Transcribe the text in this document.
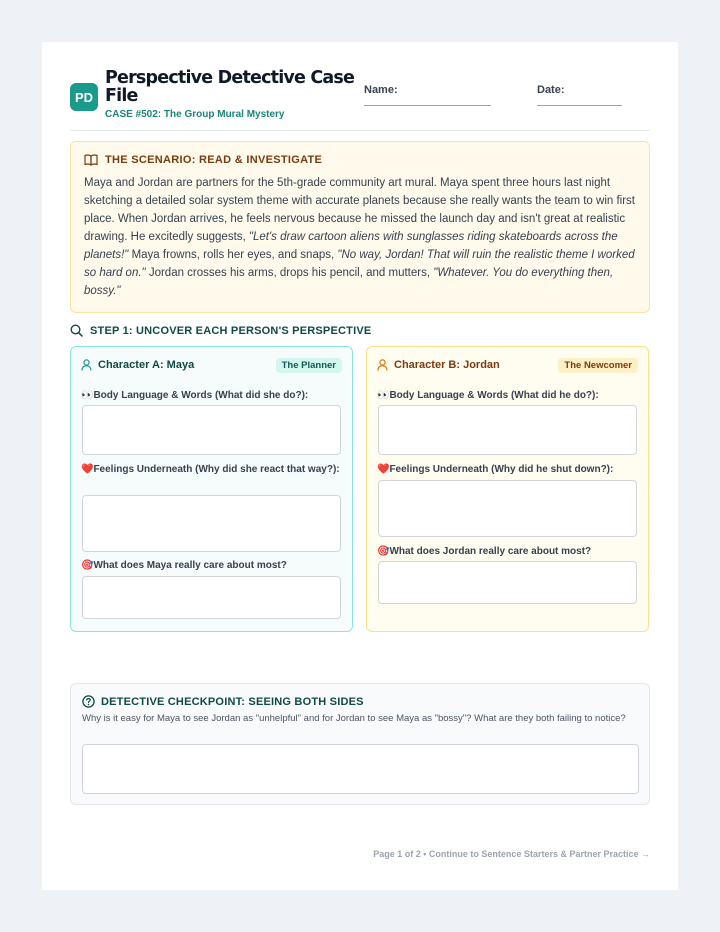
PD
Perspective Detective Case File
CASE #502: The Group Mural Mystery
Name:	Date:
THE SCENARIO: READ & INVESTIGATE
Maya and Jordan are partners for the 5th-grade community art mural. Maya spent three hours last night sketching a detailed solar system theme with accurate planets because she really wants the team to win first place. When Jordan arrives, he feels nervous because he missed the launch day and isn't great at realistic drawing. He excitedly suggests, "Let's draw cartoon aliens with sunglasses riding skateboards across the planets!" Maya frowns, rolls her eyes, and snaps, "No way, Jordan! That will ruin the realistic theme I worked so hard on." Jordan crosses his arms, drops his pencil, and mutters, "Whatever. You do everything then, bossy."
STEP 1: UNCOVER EACH PERSON'S PERSPECTIVE
Character A: Maya	The Planner
👀Body Language & Words (What did she do?):
❤️Feelings Underneath (Why did she react that way?):
🎯What does Maya really care about most?
Character B: Jordan	The Newcomer
👀Body Language & Words (What did he do?):
❤️Feelings Underneath (Why did he shut down?):
🎯What does Jordan really care about most?
DETECTIVE CHECKPOINT: SEEING BOTH SIDES
Why is it easy for Maya to see Jordan as "unhelpful" and for Jordan to see Maya as "bossy"? What are they both failing to notice?
Page 1 of 2 • Continue to Sentence Starters & Partner Practice →
